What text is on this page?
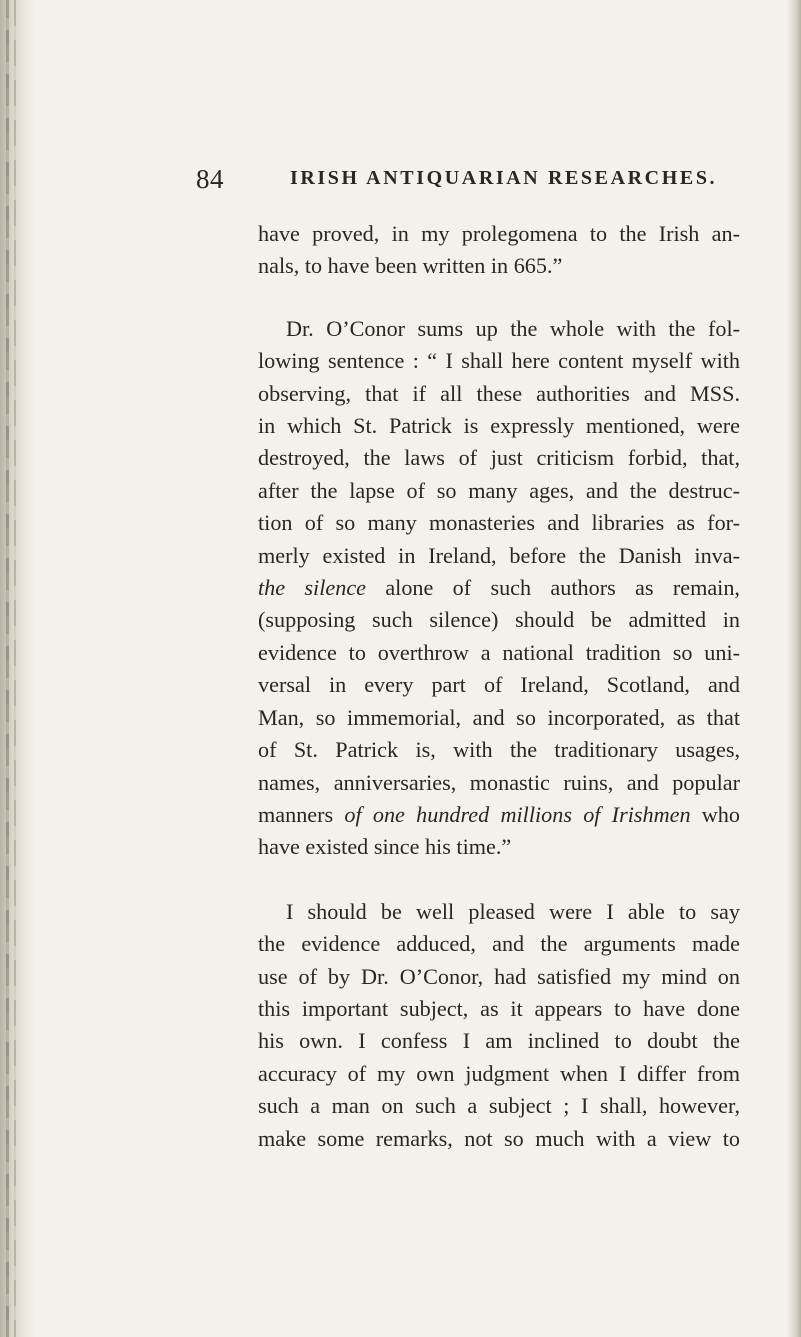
84	IRISH ANTIQUARIAN RESEARCHES.

have proved, in my prolegomena to the Irish an-
nals, to have been written in 665.”

Dr. O’Conor sums up the whole with the fol-
lowing sentence : “ I shall here content myself with
observing, that if all these authorities and MSS.
in which St. Patrick is expressly mentioned, were
destroyed, the laws of just criticism forbid, that,
after the lapse of so many ages, and the destruc-
tion of so many monasteries and libraries as for-
merly existed in Ireland, before the Danish inva-
the silence alone of such authors as remain,
(supposing such silence) should be admitted in
evidence to overthrow a national tradition so uni-
versal in every part of Ireland, Scotland, and
Man, so immemorial, and so incorporated, as that
of St. Patrick is, with the traditionary usages,
names, anniversaries, monastic ruins, and popular
manners of one hundred millions of Irishmen who
have existed since his time.”

I should be well pleased were I able to say
the evidence adduced, and the arguments made
use of by Dr. O’Conor, had satisfied my mind on
this important subject, as it appears to have done
his own. I confess I am inclined to doubt the
accuracy of my own judgment when I differ from
such a man on such a subject ; I shall, however,
make some remarks, not so much with a view to
